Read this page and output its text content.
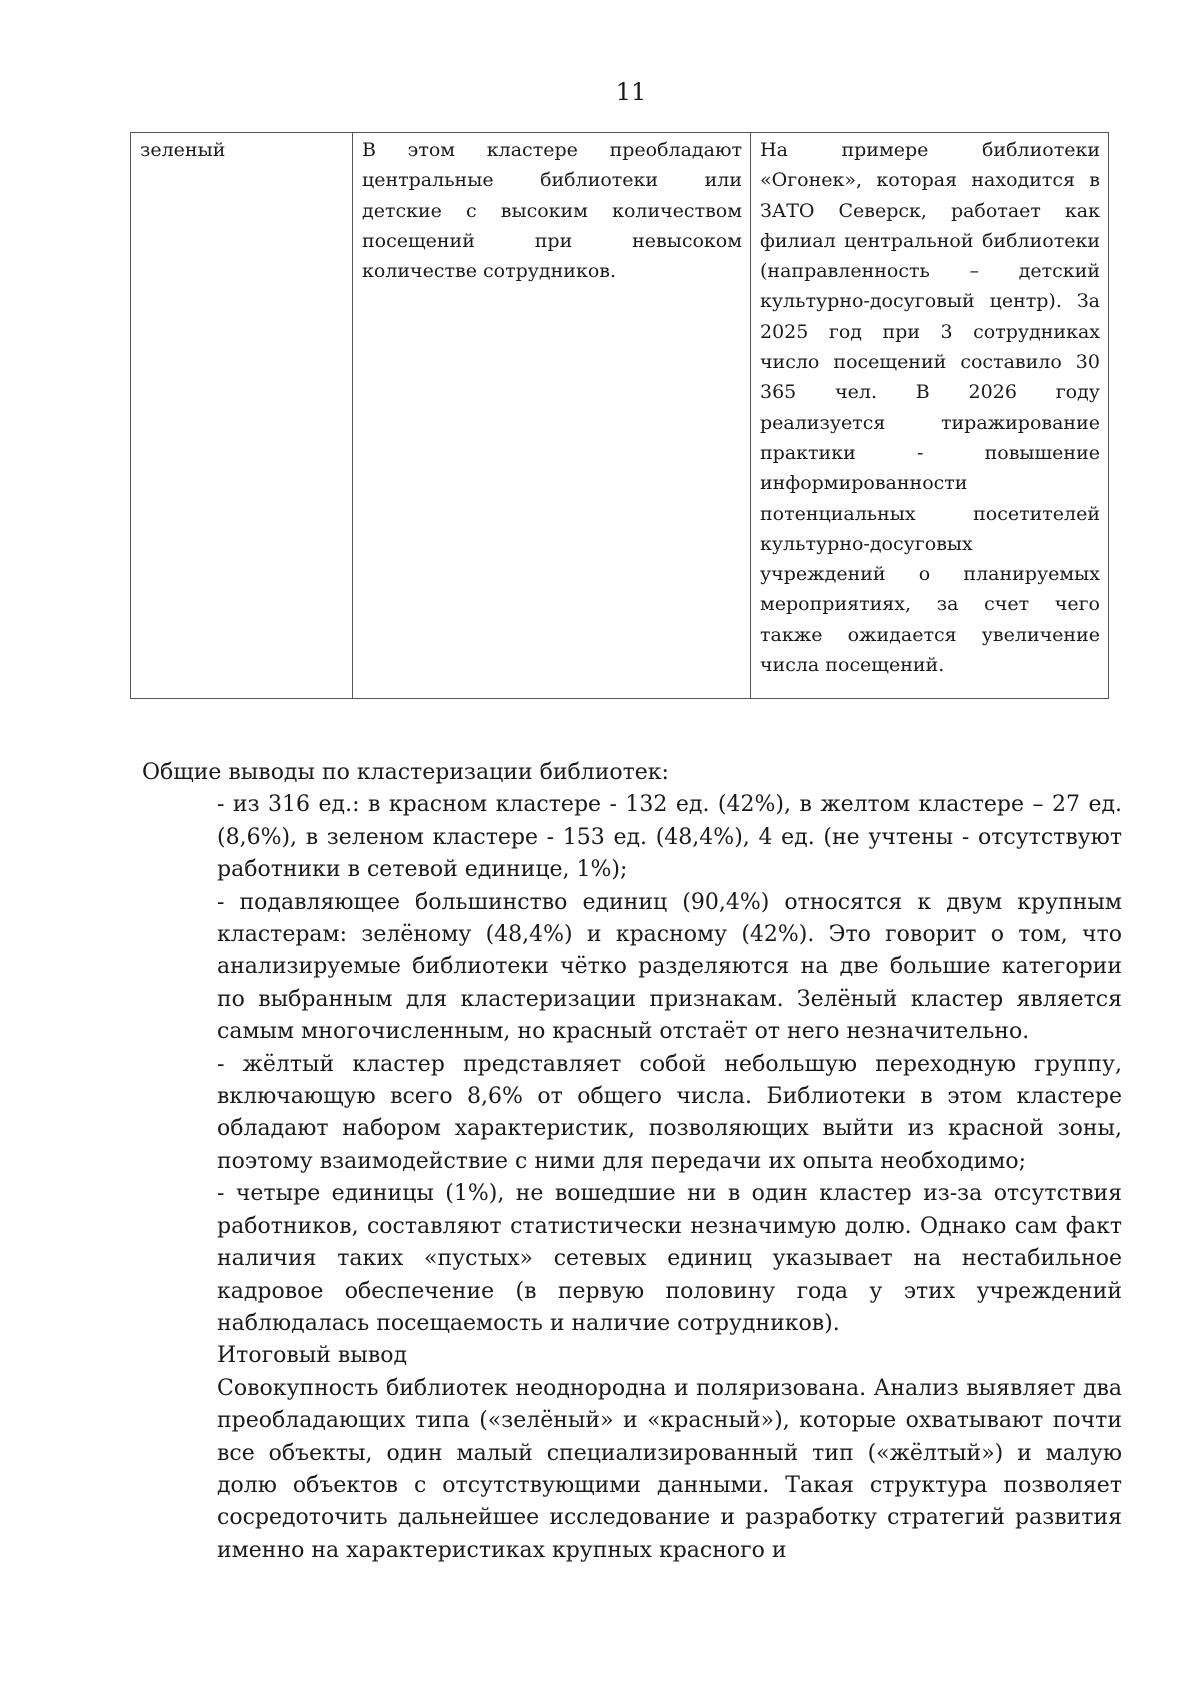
11
зеленый	В этом кластере преобладают центральные библиотеки или детские с высоким количеством посещений при невысоком количестве сотрудников.	На примере библиотеки «Огонек», которая находится в ЗАТО Северск, работает как филиал центральной библиотеки (направленность – детский культурно-досуговый центр). За 2025 год при 3 сотрудниках число посещений составило 30 365 чел. В 2026 году реализуется тиражирование практики - повышение информированности потенциальных посетителей культурно-досуговых учреждений о планируемых мероприятиях, за счет чего также ожидается увеличение числа посещений.

Общие выводы по кластеризации библиотек:

- из 316 ед.: в красном кластере - 132 ед. (42%), в желтом кластере – 27 ед. (8,6%), в зеленом кластере - 153 ед. (48,4%), 4 ед. (не учтены - отсутствуют работники в сетевой единице, 1%);

- подавляющее большинство единиц (90,4%) относятся к двум крупным кластерам: зелёному (48,4%) и красному (42%). Это говорит о том, что анализируемые библиотеки чётко разделяются на две большие категории по выбранным для кластеризации признакам. Зелёный кластер является самым многочисленным, но красный отстаёт от него незначительно.

- жёлтый кластер представляет собой небольшую переходную группу, включающую всего 8,6% от общего числа. Библиотеки в этом кластере обладают набором характеристик, позволяющих выйти из красной зоны, поэтому взаимодействие с ними для передачи их опыта необходимо;

- четыре единицы (1%), не вошедшие ни в один кластер из-за отсутствия работников, составляют статистически незначимую долю. Однако сам факт наличия таких «пустых» сетевых единиц указывает на нестабильное кадровое обеспечение (в первую половину года у этих учреждений наблюдалась посещаемость и наличие сотрудников).

Итоговый вывод

Совокупность библиотек неоднородна и поляризована. Анализ выявляет два преобладающих типа («зелёный» и «красный»), которые охватывают почти все объекты, один малый специализированный тип («жёлтый») и малую долю объектов с отсутствующими данными. Такая структура позволяет сосредоточить дальнейшее исследование и разработку стратегий развития именно на характеристиках крупных красного и
